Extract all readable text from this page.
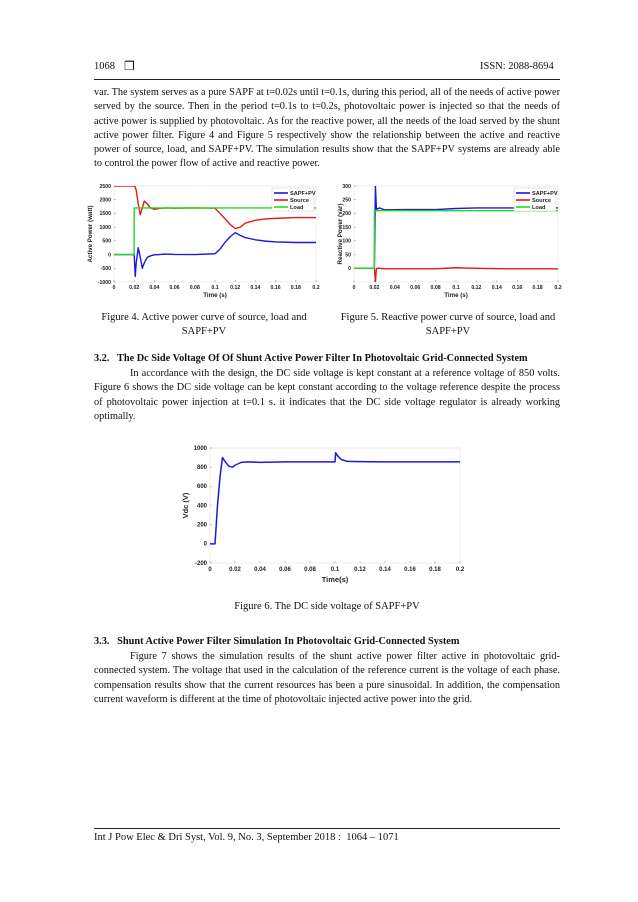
1068 ❒	ISSN: 2088-8694
var. The system serves as a pure SAPF at t=0.02s until t=0.1s, during this period, all of the needs of active power served by the source. Then in the period t=0.1s to t=0.2s, photovoltaic power is injected so that the needs of active power is supplied by photovoltaic. As for the reactive power, all the needs of the load served by the shunt active power filter. Figure 4 and Figure 5 respectively show the relationship between the active and reactive power of source, load, and SAPF+PV. The simulation results show that the SAPF+PV systems are already able to control the power flow of active and reactive power.
0	0.02 0.04 0.06 0.08 0.1 0.12 0.14 0.16 0.18 0.2
-1000
-500
0
500
1000
1500
2000
2500
Time (s)
Active Power (watt)
SAPF+PV
Source
Load
0	0.02 0.04 0.06 0.08 0.1 0.12 0.14 0.16 0.18 0.2
0
50
100
150
200
250
300
Time (s)
Reactive Power (var)
SAPF+PV
Source
Load
Figure 4. Active power curve of source, load and SAPF+PV
Figure 5. Reactive power curve of source, load and SAPF+PV
3.2.   The Dc Side Voltage Of Of Shunt Active Power Filter In Photovoltaic Grid-Connected System
In accordance with the design, the DC side voltage is kept constant at a reference voltage of 850 volts. Figure 6 shows the DC side voltage can be kept constant according to the voltage reference despite the process of photovoltaic power injection at t=0.1 s. it indicates that the DC side voltage regulator is already working optimally.
0	0.02 0.04 0.06 0.08 0.1 0.12 0.14 0.16 0.18 0.2
-200
0
200
400
600
800
1000
Time(s)
Vdc (V)
Figure 6. The DC side voltage of SAPF+PV
3.3.   Shunt Active Power Filter Simulation In Photovoltaic Grid-Connected System
Figure 7 shows the simulation results of the shunt active power filter active in photovoltaic grid-connected system. The voltage that used in the calculation of the reference current is the voltage of each phase. compensation results show that the current resources has been a pure sinusoidal. In addition, the compensation current waveform is different at the time of photovoltaic injected active power into the grid.
Int J Pow Elec & Dri Syst, Vol. 9, No. 3, September 2018 :  1064 – 1071
